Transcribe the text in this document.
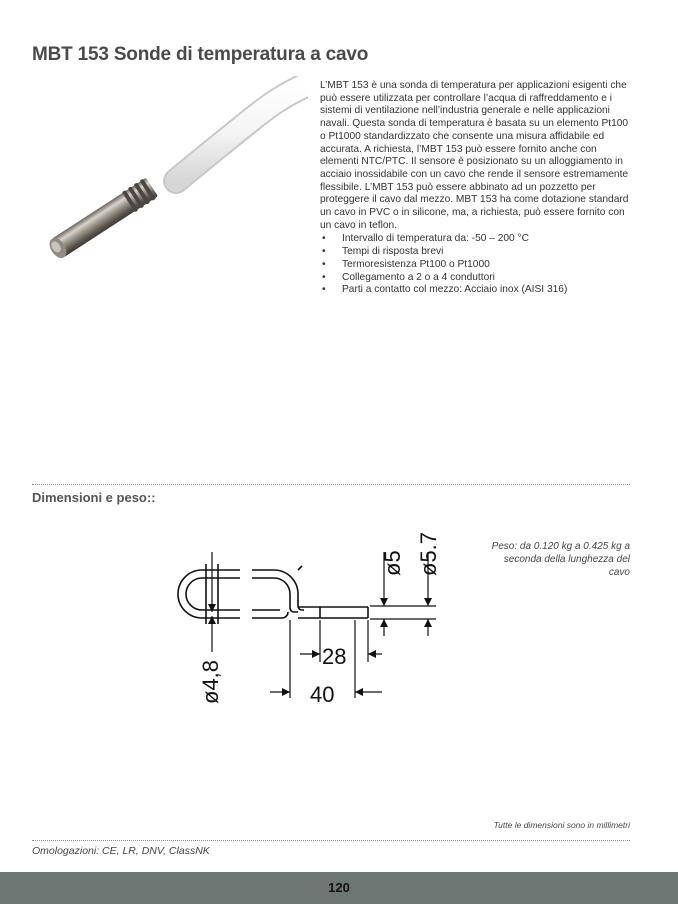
MBT 153 Sonde di temperatura a cavo

L’MBT 153 è una sonda di temperatura per applicazioni esigenti che può essere utilizzata per controllare l’acqua di raffreddamento e i sistemi di ventilazione nell’industria generale e nelle applicazioni navali. Questa sonda di temperatura è basata su un elemento Pt100 o Pt1000 standardizzato che consente una misura affidabile ed accurata. A richiesta, l’MBT 153 può essere fornito anche con elementi NTC/PTC. Il sensore è posizionato su un alloggiamento in acciaio inossidabile con un cavo che rende il sensore estremamente flessibile. L’MBT 153 può essere abbinato ad un pozzetto per proteggere il cavo dal mezzo. MBT 153 ha come dotazione standard un cavo in PVC o in silicone, ma, a richiesta, può essere fornito con un cavo in teflon.

• Intervallo di temperatura da: -50 – 200 °C
• Tempi di risposta brevi
• Termoresistenza Pt100 o Pt1000
• Collegamento a 2 o a 4 conduttori
• Parti a contatto col mezzo: Acciaio inox (AISI 316)
Dimensioni e peso::
ø4,8
ø5 ø5.7
28
40
Peso: da 0.120 kg a 0.425 kg a seconda della lunghezza del cavo
Tutte le dimensioni sono in millimetri
Omologazioni: CE, LR, DNV, ClassNK
120
